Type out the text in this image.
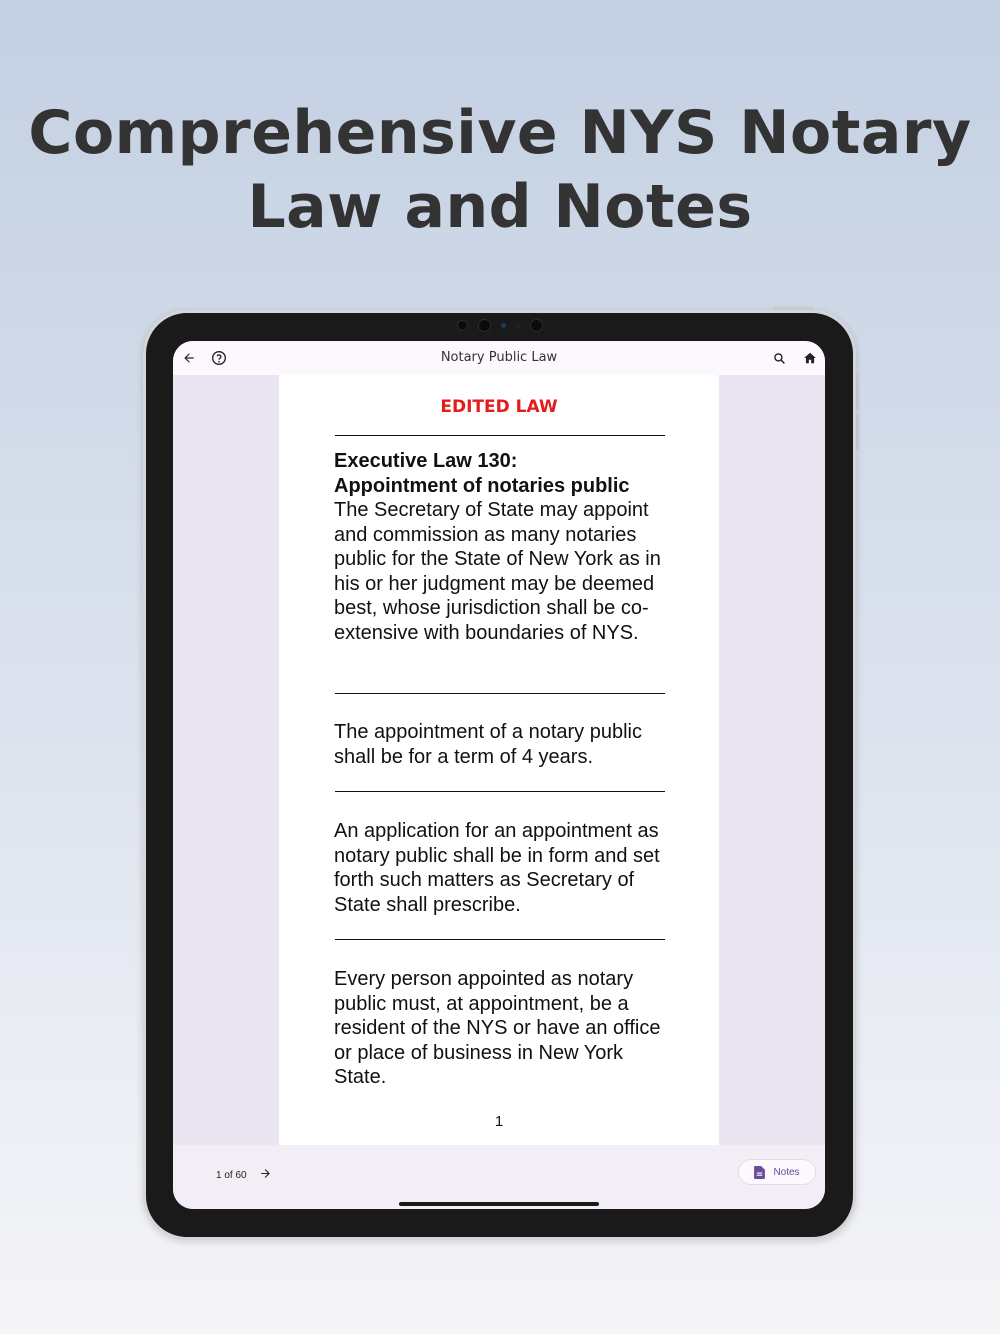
Comprehensive NYS Notary
Law and Notes
Notary Public Law
EDITED LAW
Executive Law 130:
Appointment of notaries public
The Secretary of State may appoint and commission as many notaries public for the State of New York as in his or her judgment may be deemed best, whose jurisdiction shall be co-extensive with boundaries of NYS.
The appointment of a notary public shall be for a term of 4 years.
An application for an appointment as notary public shall be in form and set forth such matters as Secretary of State shall prescribe.
Every person appointed as notary public must, at appointment, be a resident of the NYS or have an office or place of business in New York State.
1
1 of 60	Notes
